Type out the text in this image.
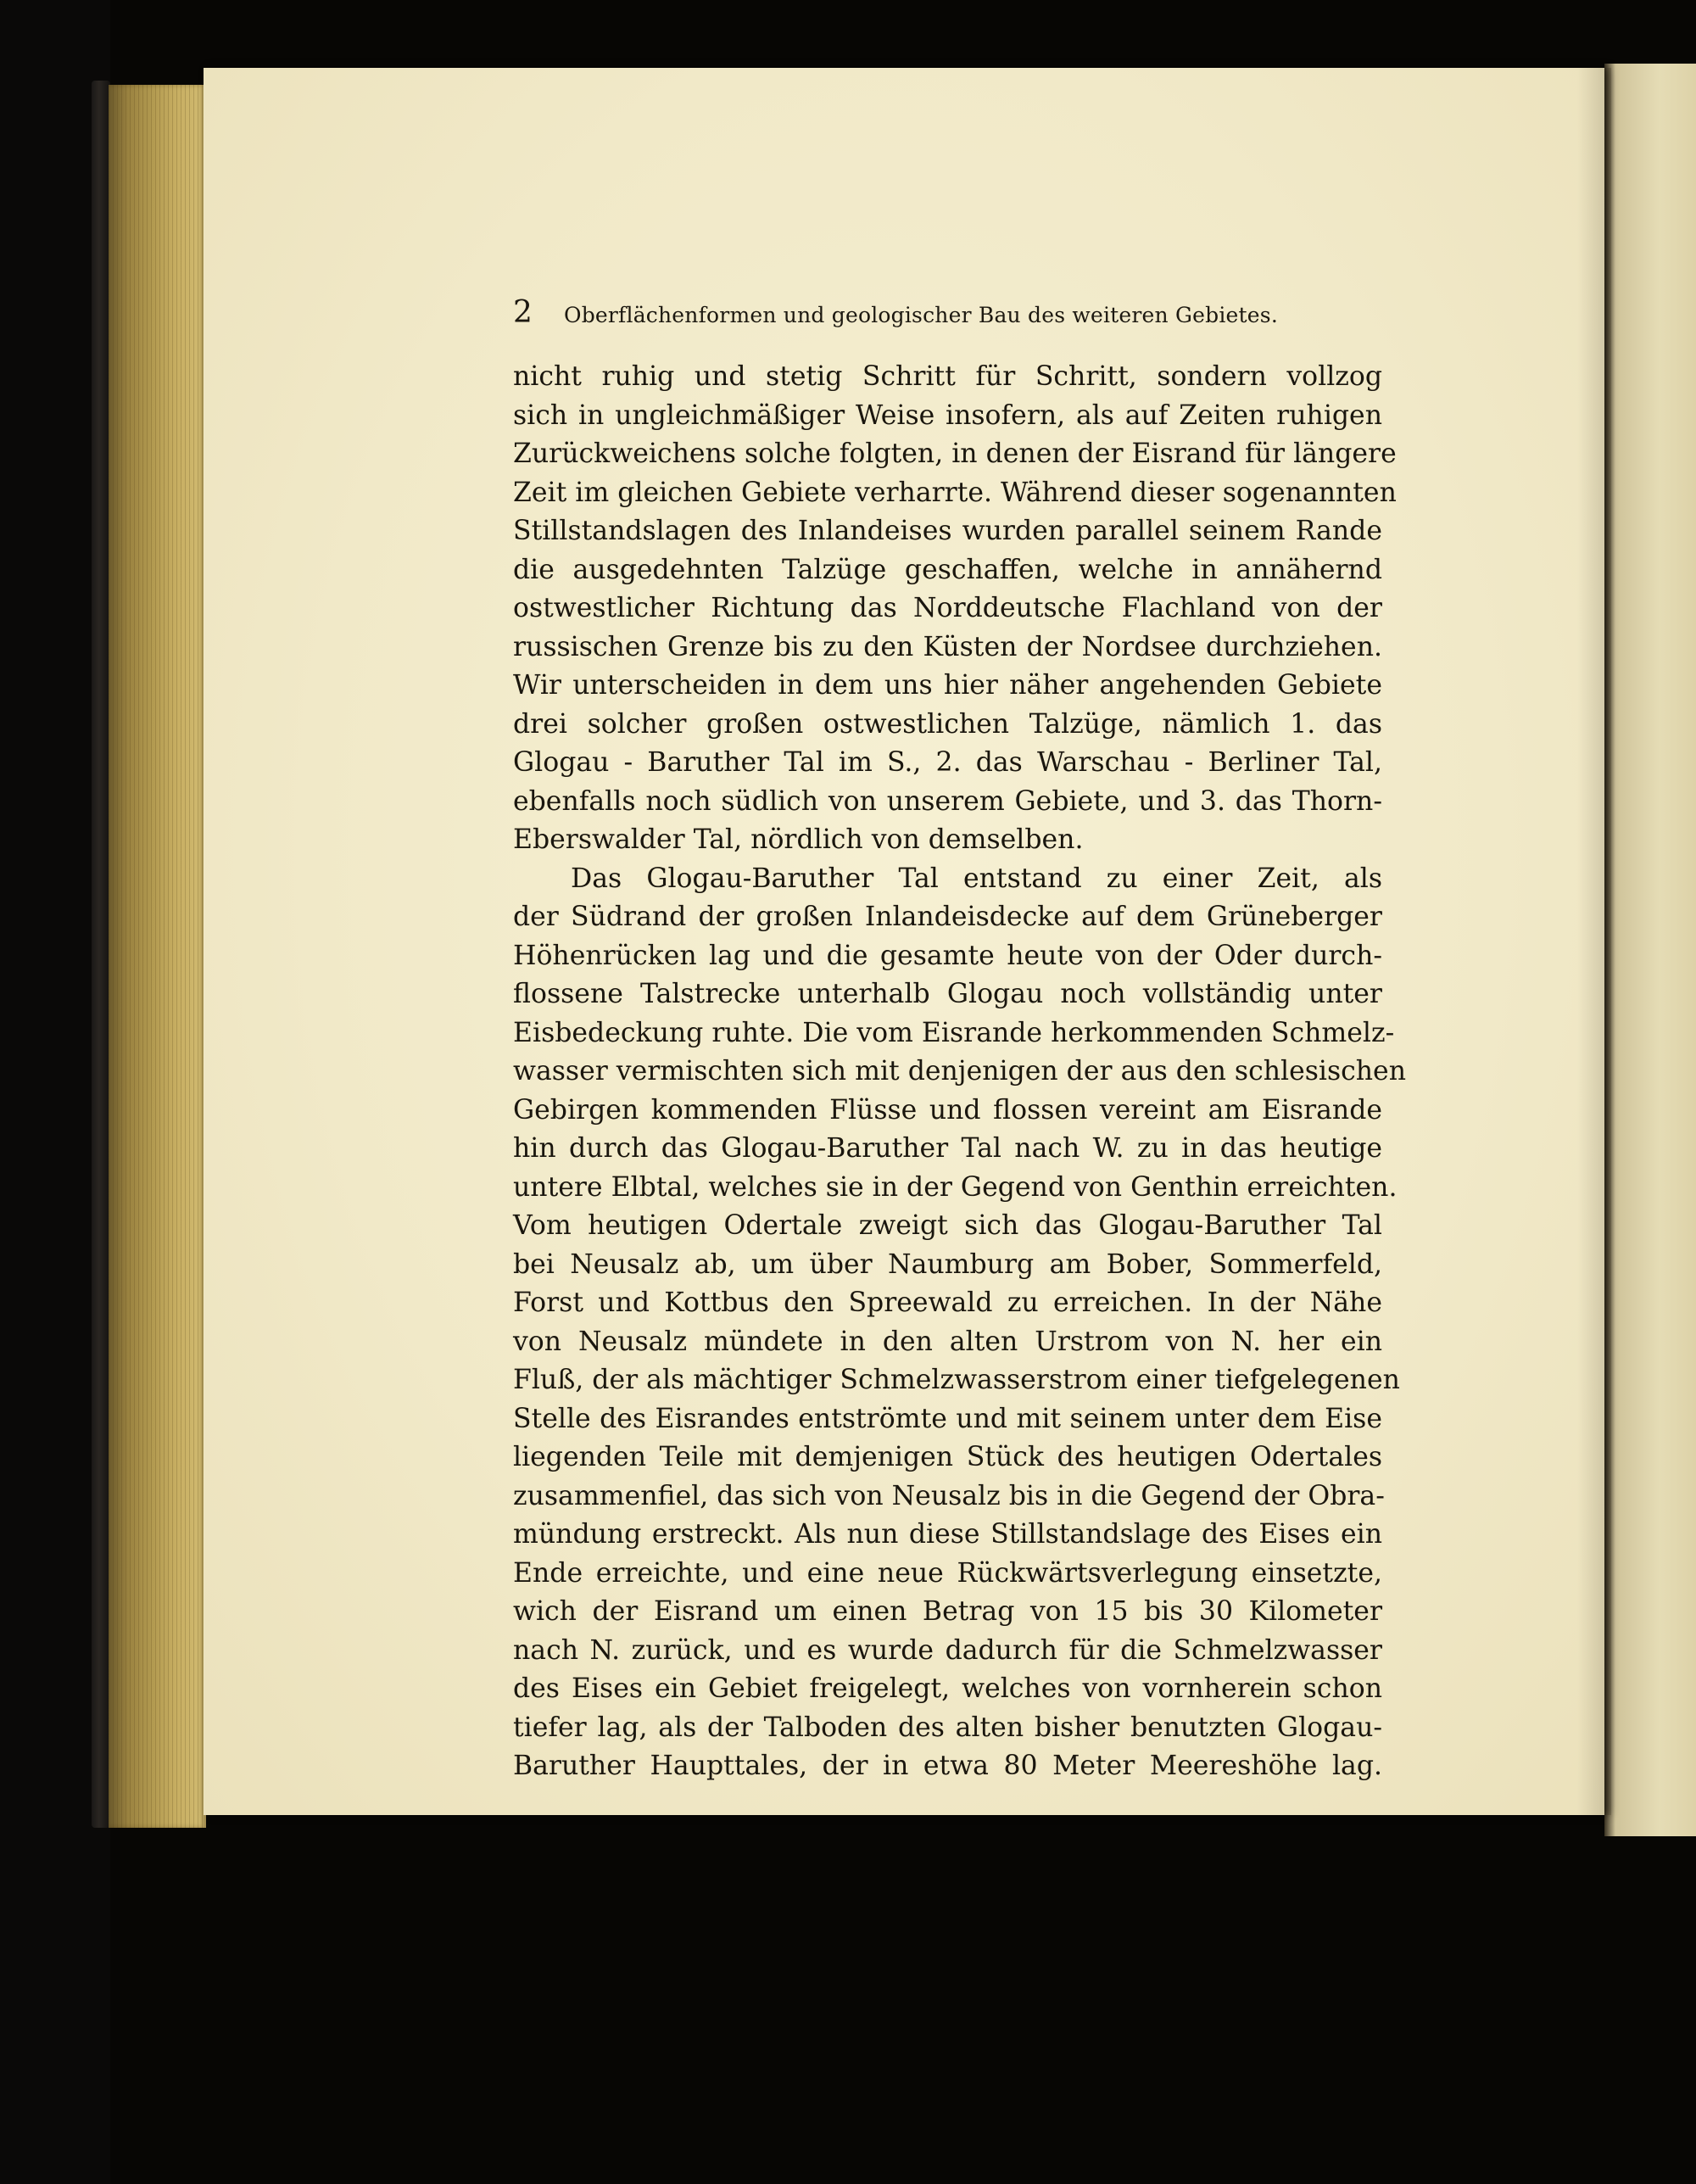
2	Oberflächenformen und geologischer Bau des weiteren Gebietes.
nicht ruhig und stetig Schritt für Schritt, sondern vollzog
sich in ungleichmäßiger Weise insofern, als auf Zeiten ruhigen
Zurückweichens solche folgten, in denen der Eisrand für längere
Zeit im gleichen Gebiete verharrte. Während dieser sogenannten
Stillstandslagen des Inlandeises wurden parallel seinem Rande
die ausgedehnten Talzüge geschaffen, welche in annähernd
ostwestlicher Richtung das Norddeutsche Flachland von der
russischen Grenze bis zu den Küsten der Nordsee durchziehen.
Wir unterscheiden in dem uns hier näher angehenden Gebiete
drei solcher großen ostwestlichen Talzüge, nämlich 1. das
Glogau - Baruther Tal im S., 2. das Warschau - Berliner Tal,
ebenfalls noch südlich von unserem Gebiete, und 3. das Thorn-
Eberswalder Tal, nördlich von demselben.
Das Glogau-Baruther Tal entstand zu einer Zeit, als
der Südrand der großen Inlandeisdecke auf dem Grüneberger
Höhenrücken lag und die gesamte heute von der Oder durch-
flossene Talstrecke unterhalb Glogau noch vollständig unter
Eisbedeckung ruhte. Die vom Eisrande herkommenden Schmelz-
wasser vermischten sich mit denjenigen der aus den schlesischen
Gebirgen kommenden Flüsse und flossen vereint am Eisrande
hin durch das Glogau-Baruther Tal nach W. zu in das heutige
untere Elbtal, welches sie in der Gegend von Genthin erreichten.
Vom heutigen Odertale zweigt sich das Glogau-Baruther Tal
bei Neusalz ab, um über Naumburg am Bober, Sommerfeld,
Forst und Kottbus den Spreewald zu erreichen. In der Nähe
von Neusalz mündete in den alten Urstrom von N. her ein
Fluß, der als mächtiger Schmelzwasserstrom einer tiefgelegenen
Stelle des Eisrandes entströmte und mit seinem unter dem Eise
liegenden Teile mit demjenigen Stück des heutigen Odertales
zusammenfiel, das sich von Neusalz bis in die Gegend der Obra-
mündung erstreckt. Als nun diese Stillstandslage des Eises ein
Ende erreichte, und eine neue Rückwärtsverlegung einsetzte,
wich der Eisrand um einen Betrag von 15 bis 30 Kilometer
nach N. zurück, und es wurde dadurch für die Schmelzwasser
des Eises ein Gebiet freigelegt, welches von vornherein schon
tiefer lag, als der Talboden des alten bisher benutzten Glogau-
Baruther Haupttales, der in etwa 80 Meter Meereshöhe lag.
